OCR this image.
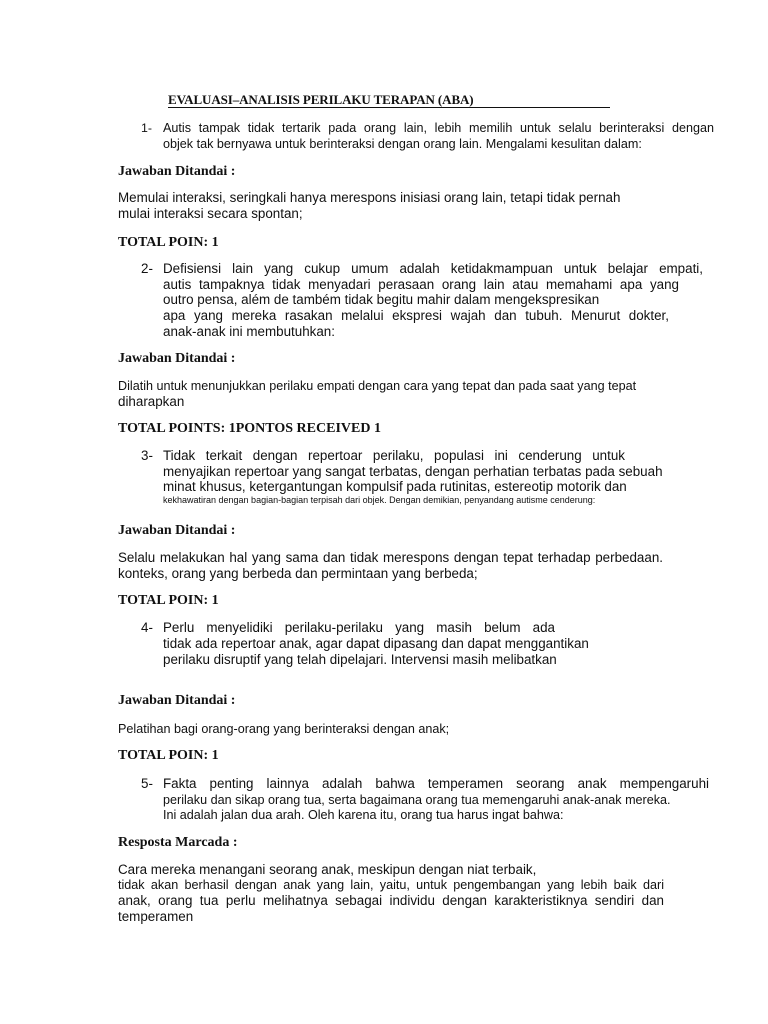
EVALUASI–ANALISIS PERILAKU TERAPAN (ABA)
1- Autis tampak tidak tertarik pada orang lain, lebih memilih untuk selalu berinteraksi dengan
objek tak bernyawa untuk berinteraksi dengan orang lain. Mengalami kesulitan dalam:
Jawaban Ditandai :
Memulai interaksi, seringkali hanya merespons inisiasi orang lain, tetapi tidak pernah
mulai interaksi secara spontan;
TOTAL POIN: 1
2- Defisiensi lain yang cukup umum adalah ketidakmampuan untuk belajar empati,
autis tampaknya tidak menyadari perasaan orang lain atau memahami apa yang
outro pensa, além de também tidak begitu mahir dalam mengekspresikan
apa yang mereka rasakan melalui ekspresi wajah dan tubuh. Menurut dokter,
anak-anak ini membutuhkan:
Jawaban Ditandai :
Dilatih untuk menunjukkan perilaku empati dengan cara yang tepat dan pada saat yang tepat
diharapkan
TOTAL POINTS: 1PONTOS RECEIVED 1
3- Tidak terkait dengan repertoar perilaku, populasi ini cenderung untuk
menyajikan repertoar yang sangat terbatas, dengan perhatian terbatas pada sebuah
minat khusus, ketergantungan kompulsif pada rutinitas, estereotip motorik dan
kekhawatiran dengan bagian-bagian terpisah dari objek. Dengan demikian, penyandang autisme cenderung:
Jawaban Ditandai :
Selalu melakukan hal yang sama dan tidak merespons dengan tepat terhadap perbedaan.
konteks, orang yang berbeda dan permintaan yang berbeda;
TOTAL POIN: 1
4- Perlu menyelidiki perilaku-perilaku yang masih belum ada
tidak ada repertoar anak, agar dapat dipasang dan dapat menggantikan
perilaku disruptif yang telah dipelajari. Intervensi masih melibatkan
Jawaban Ditandai :
Pelatihan bagi orang-orang yang berinteraksi dengan anak;
TOTAL POIN: 1
5- Fakta penting lainnya adalah bahwa temperamen seorang anak mempengaruhi
perilaku dan sikap orang tua, serta bagaimana orang tua memengaruhi anak-anak mereka.
Ini adalah jalan dua arah. Oleh karena itu, orang tua harus ingat bahwa:
Resposta Marcada :
Cara mereka menangani seorang anak, meskipun dengan niat terbaik,
tidak akan berhasil dengan anak yang lain, yaitu, untuk pengembangan yang lebih baik dari
anak, orang tua perlu melihatnya sebagai individu dengan karakteristiknya sendiri dan
temperamen
